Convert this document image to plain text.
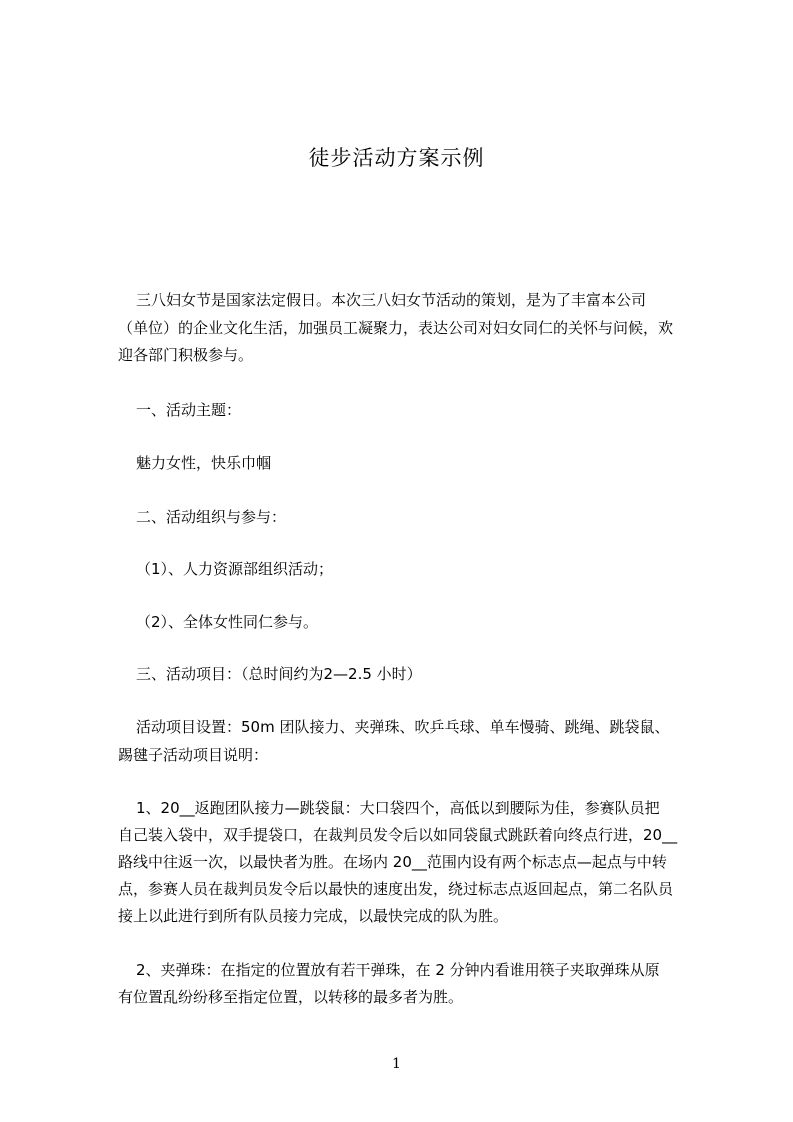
徒步活动方案示例
三八妇女节是国家法定假日。本次三八妇女节活动的策划，是为了丰富本公司
（单位）的企业文化生活，加强员工凝聚力，表达公司对妇女同仁的关怀与问候，欢
迎各部门积极参与。
一、活动主题：
魅力女性，快乐巾帼
二、活动组织与参与：
（1）、人力资源部组织活动；
（2）、全体女性同仁参与。
三、活动项目：（总时间约为2—2.5 小时）
活动项目设置：50m 团队接力、夹弹珠、吹乒乓球、单车慢骑、跳绳、跳袋鼠、
踢毽子活动项目说明：
1、20__返跑团队接力—跳袋鼠：大口袋四个，高低以到腰际为佳，参赛队员把
自己装入袋中，双手提袋口，在裁判员发令后以如同袋鼠式跳跃着向终点行进，20__
路线中往返一次，以最快者为胜。在场内 20__范围内设有两个标志点—起点与中转
点，参赛人员在裁判员发令后以最快的速度出发，绕过标志点返回起点，第二名队员
接上以此进行到所有队员接力完成，以最快完成的队为胜。
2、夹弹珠：在指定的位置放有若干弹珠，在 2 分钟内看谁用筷子夹取弹珠从原
有位置乱纷纷移至指定位置，以转移的最多者为胜。
1
